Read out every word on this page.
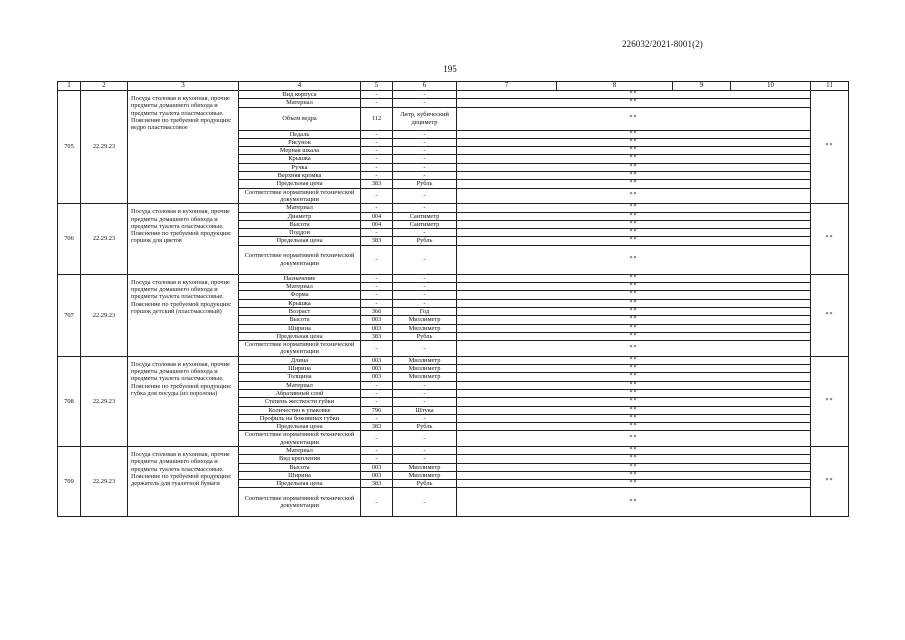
226032/2021-8001(2)
195
1	2	3	4	5	6	7	8	9	10	11
705	22.29.23	Посуда столовая и кухонная, прочие предметы домашнего обихода и предметы туалета пластмассовые. Пояснение по требуемой продукции: ведро пластмассовое	Вид корпуса	-	-	**				**
			Материал	-	-	**				
			Объем ведра	112	Литр, кубический дециметр	**				
			Педаль	-	-	**				
			Рисунок	-	-	**				
			Мерная шкала	-	-	**				
			Крышка	-	-	**				
			Ручка	-	-	**				
			Верхняя кромка	-	-	**				
			Предельная цена	383	Рубль	**				
			Соответствие нормативной технической документации	-	-	**				
706	22.29.23	Посуда столовая и кухонная, прочие предметы домашнего обихода и предметы туалета пластмассовые. Пояснение по требуемой продукции: горшок для цветов	Материал	-	-	**				**
			Диаметр	004	Сантиметр	**				
			Высота	004	Сантиметр	**				
			Поддон	-	-	**				
			Предельная цена	383	Рубль	**				
			Соответствие нормативной технической документации	-	-	**				
707	22.29.23	Посуда столовая и кухонная, прочие предметы домашнего обихода и предметы туалета пластмассовые. Пояснение по требуемой продукции: горшок детский (пластмассовый)	Назначение	-	-	**				**
			Материал	-	-	**				
			Форма	-	-	**				
			Крышка	-	-	**				
			Возраст	366	Год	**				
			Высота	003	Миллиметр	**				
			Ширина	003	Миллиметр	**				
			Предельная цена	383	Рубль	**				
			Соответствие нормативной технической документации	-	-	**				
708	22.29.23	Посуда столовая и кухонная, прочие предметы домашнего обихода и предметы туалета пластмассовые. Пояснение по требуемой продукции: губка для посуды (из поролона)	Длина	003	Миллиметр	**				**
			Ширина	003	Миллиметр	**				
			Толщина	003	Миллиметр	**				
			Материал	-	-	**				
			Абразивный слой	-	-	**				
			Степень жесткости губки	-	-	**				
			Количество в упаковке	796	Штука	**				
			Профиль на боковинах губки	-	-	**				
			Предельная цена	383	Рубль	**				
			Соответствие нормативной технической документации	-	-	**				
709	22.29.23	Посуда столовая и кухонная, прочие предметы домашнего обихода и предметы туалета пластмассовые. Пояснение по требуемой продукции: держатель для туалетной бумаги	Материал	-	-	**				**
			Вид крепления	-	-	**				
			Высота	003	Миллиметр	**				
			Ширина	003	Миллиметр	**				
			Предельная цена	383	Рубль	**				
			Соответствие нормативной технической документации	-	-	**				
